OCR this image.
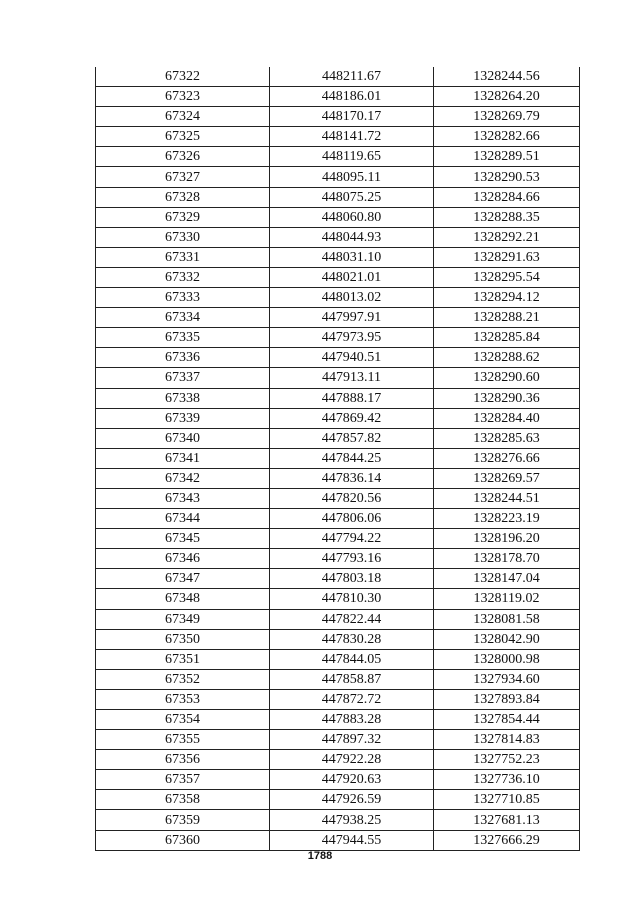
67322	448211.67	1328244.56
67323	448186.01	1328264.20
67324	448170.17	1328269.79
67325	448141.72	1328282.66
67326	448119.65	1328289.51
67327	448095.11	1328290.53
67328	448075.25	1328284.66
67329	448060.80	1328288.35
67330	448044.93	1328292.21
67331	448031.10	1328291.63
67332	448021.01	1328295.54
67333	448013.02	1328294.12
67334	447997.91	1328288.21
67335	447973.95	1328285.84
67336	447940.51	1328288.62
67337	447913.11	1328290.60
67338	447888.17	1328290.36
67339	447869.42	1328284.40
67340	447857.82	1328285.63
67341	447844.25	1328276.66
67342	447836.14	1328269.57
67343	447820.56	1328244.51
67344	447806.06	1328223.19
67345	447794.22	1328196.20
67346	447793.16	1328178.70
67347	447803.18	1328147.04
67348	447810.30	1328119.02
67349	447822.44	1328081.58
67350	447830.28	1328042.90
67351	447844.05	1328000.98
67352	447858.87	1327934.60
67353	447872.72	1327893.84
67354	447883.28	1327854.44
67355	447897.32	1327814.83
67356	447922.28	1327752.23
67357	447920.63	1327736.10
67358	447926.59	1327710.85
67359	447938.25	1327681.13
67360	447944.55	1327666.29
1788
